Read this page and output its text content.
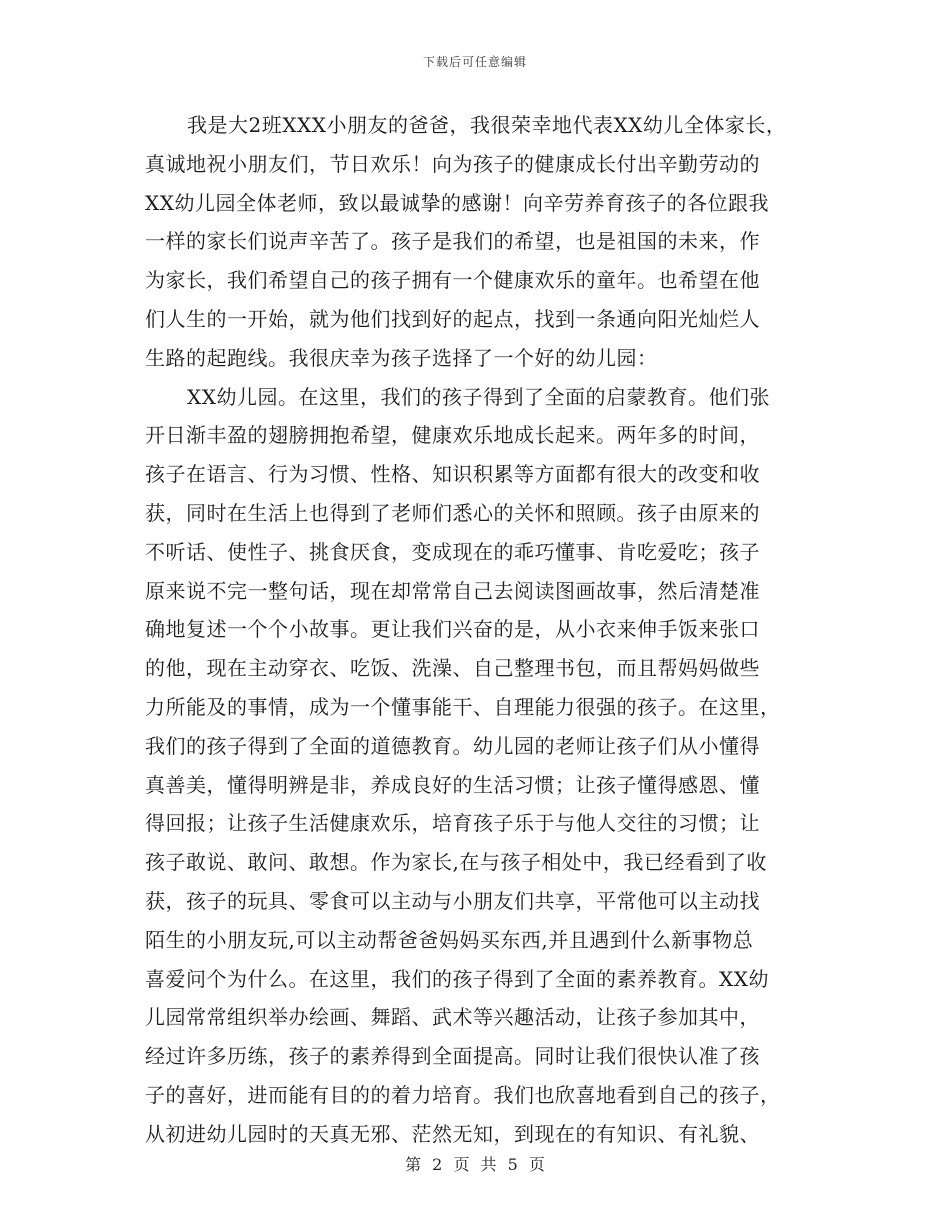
下载后可任意编辑
我是大2班XXX小朋友的爸爸，我很荣幸地代表XX幼儿全体家长，
真诚地祝小朋友们，节日欢乐！向为孩子的健康成长付出辛勤劳动的
XX幼儿园全体老师，致以最诚挚的感谢！向辛劳养育孩子的各位跟我
一样的家长们说声辛苦了。孩子是我们的希望，也是祖国的未来，作
为家长，我们希望自己的孩子拥有一个健康欢乐的童年。也希望在他
们人生的一开始，就为他们找到好的起点，找到一条通向阳光灿烂人
生路的起跑线。我很庆幸为孩子选择了一个好的幼儿园：
XX幼儿园。在这里，我们的孩子得到了全面的启蒙教育。他们张
开日渐丰盈的翅膀拥抱希望，健康欢乐地成长起来。两年多的时间，
孩子在语言、行为习惯、性格、知识积累等方面都有很大的改变和收
获，同时在生活上也得到了老师们悉心的关怀和照顾。孩子由原来的
不听话、使性子、挑食厌食，变成现在的乖巧懂事、肯吃爱吃；孩子
原来说不完一整句话，现在却常常自己去阅读图画故事，然后清楚准
确地复述一个个小故事。更让我们兴奋的是，从小衣来伸手饭来张口
的他，现在主动穿衣、吃饭、洗澡、自己整理书包，而且帮妈妈做些
力所能及的事情，成为一个懂事能干、自理能力很强的孩子。在这里，
我们的孩子得到了全面的道德教育。幼儿园的老师让孩子们从小懂得
真善美，懂得明辨是非，养成良好的生活习惯；让孩子懂得感恩、懂
得回报；让孩子生活健康欢乐，培育孩子乐于与他人交往的习惯；让
孩子敢说、敢问、敢想。作为家长,在与孩子相处中，我已经看到了收
获，孩子的玩具、零食可以主动与小朋友们共享，平常他可以主动找
陌生的小朋友玩,可以主动帮爸爸妈妈买东西,并且遇到什么新事物总
喜爱问个为什么。在这里，我们的孩子得到了全面的素养教育。XX幼
儿园常常组织举办绘画、舞蹈、武术等兴趣活动，让孩子参加其中，
经过许多历练，孩子的素养得到全面提高。同时让我们很快认准了孩
子的喜好，进而能有目的的着力培育。我们也欣喜地看到自己的孩子，
从初进幼儿园时的天真无邪、茫然无知，到现在的有知识、有礼貌、
第 2 页 共 5 页
